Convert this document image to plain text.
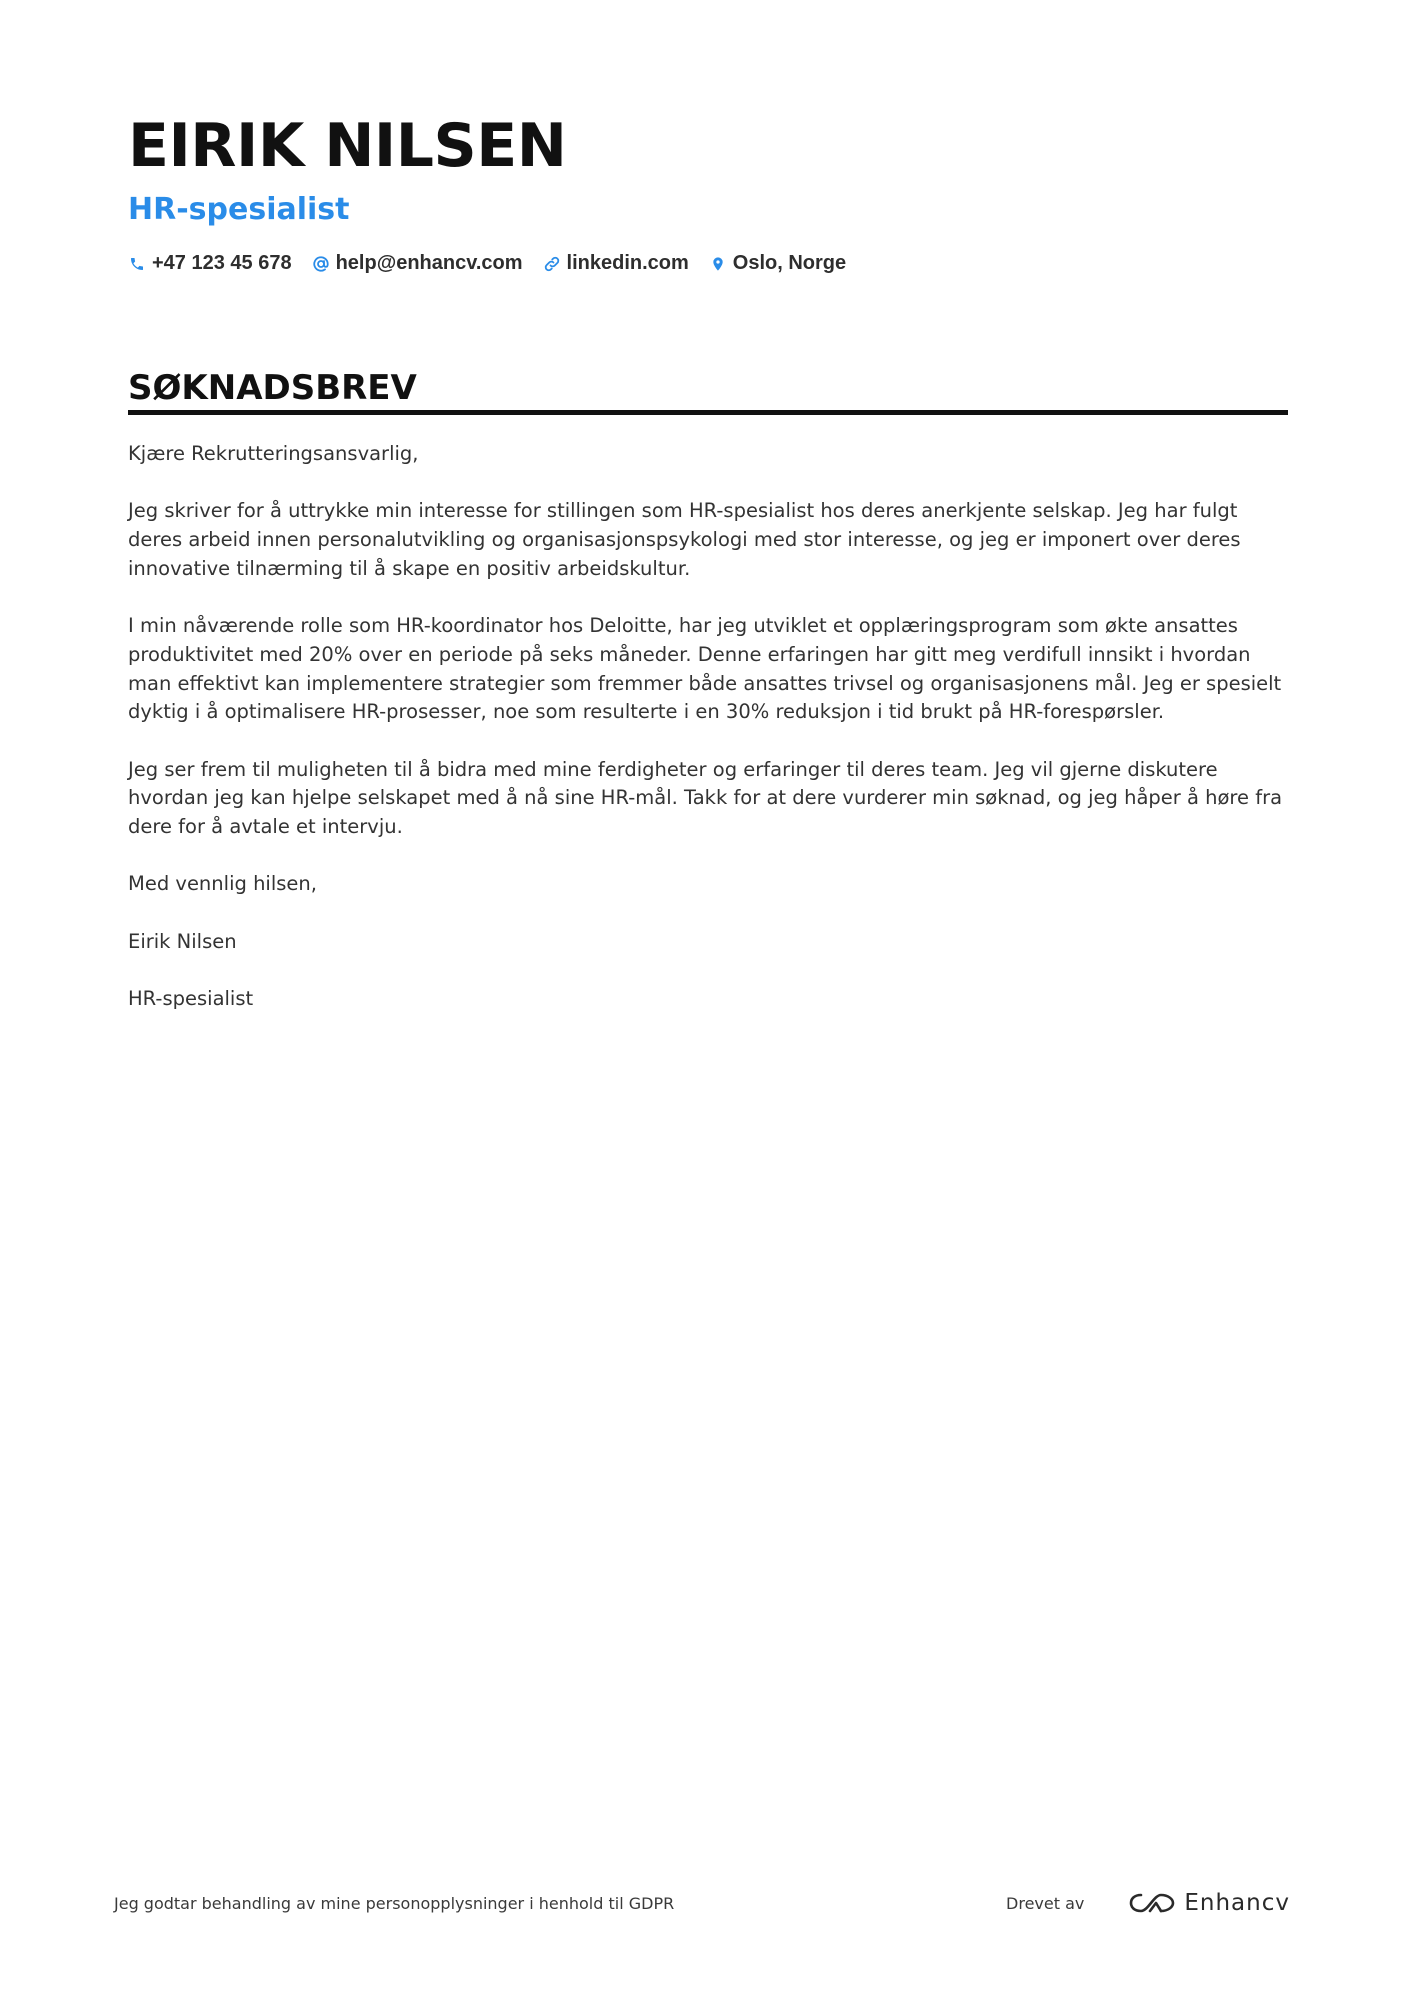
EIRIK NILSEN
HR-spesialist
+47 123 45 678 help@enhancv.com linkedin.com Oslo, Norge
SØKNADSBREV

Kjære Rekrutteringsansvarlig,

Jeg skriver for å uttrykke min interesse for stillingen som HR-spesialist hos deres anerkjente selskap. Jeg har fulgt deres arbeid innen personalutvikling og organisasjonspsykologi med stor interesse, og jeg er imponert over deres innovative tilnærming til å skape en positiv arbeidskultur.

I min nåværende rolle som HR-koordinator hos Deloitte, har jeg utviklet et opplæringsprogram som økte ansattes produktivitet med 20% over en periode på seks måneder. Denne erfaringen har gitt meg verdifull innsikt i hvordan man effektivt kan implementere strategier som fremmer både ansattes trivsel og organisasjonens mål. Jeg er spesielt dyktig i å optimalisere HR-prosesser, noe som resulterte i en 30% reduksjon i tid brukt på HR-forespørsler.

Jeg ser frem til muligheten til å bidra med mine ferdigheter og erfaringer til deres team. Jeg vil gjerne diskutere hvordan jeg kan hjelpe selskapet med å nå sine HR-mål. Takk for at dere vurderer min søknad, og jeg håper å høre fra dere for å avtale et intervju.

Med vennlig hilsen,

Eirik Nilsen

HR-spesialist

Jeg godtar behandling av mine personopplysninger i henhold til GDPR	Drevet av	Enhancv
